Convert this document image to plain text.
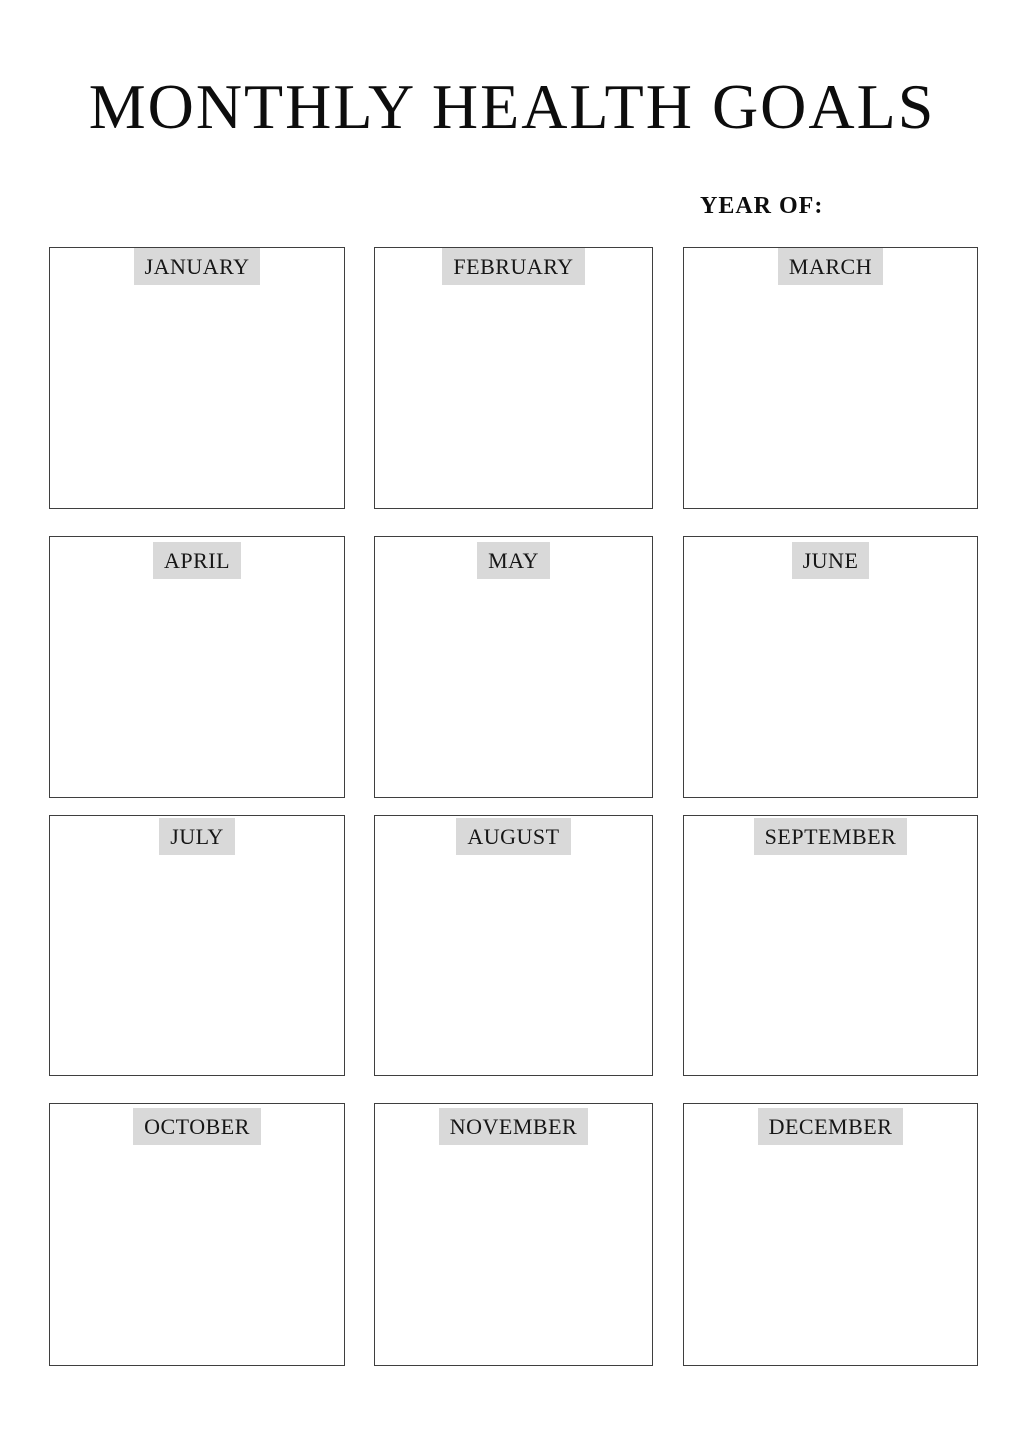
MONTHLY HEALTH GOALS
YEAR OF:
JANUARY	FEBRUARY	MARCH
APRIL	MAY	JUNE
JULY	AUGUST	SEPTEMBER
OCTOBER	NOVEMBER	DECEMBER
